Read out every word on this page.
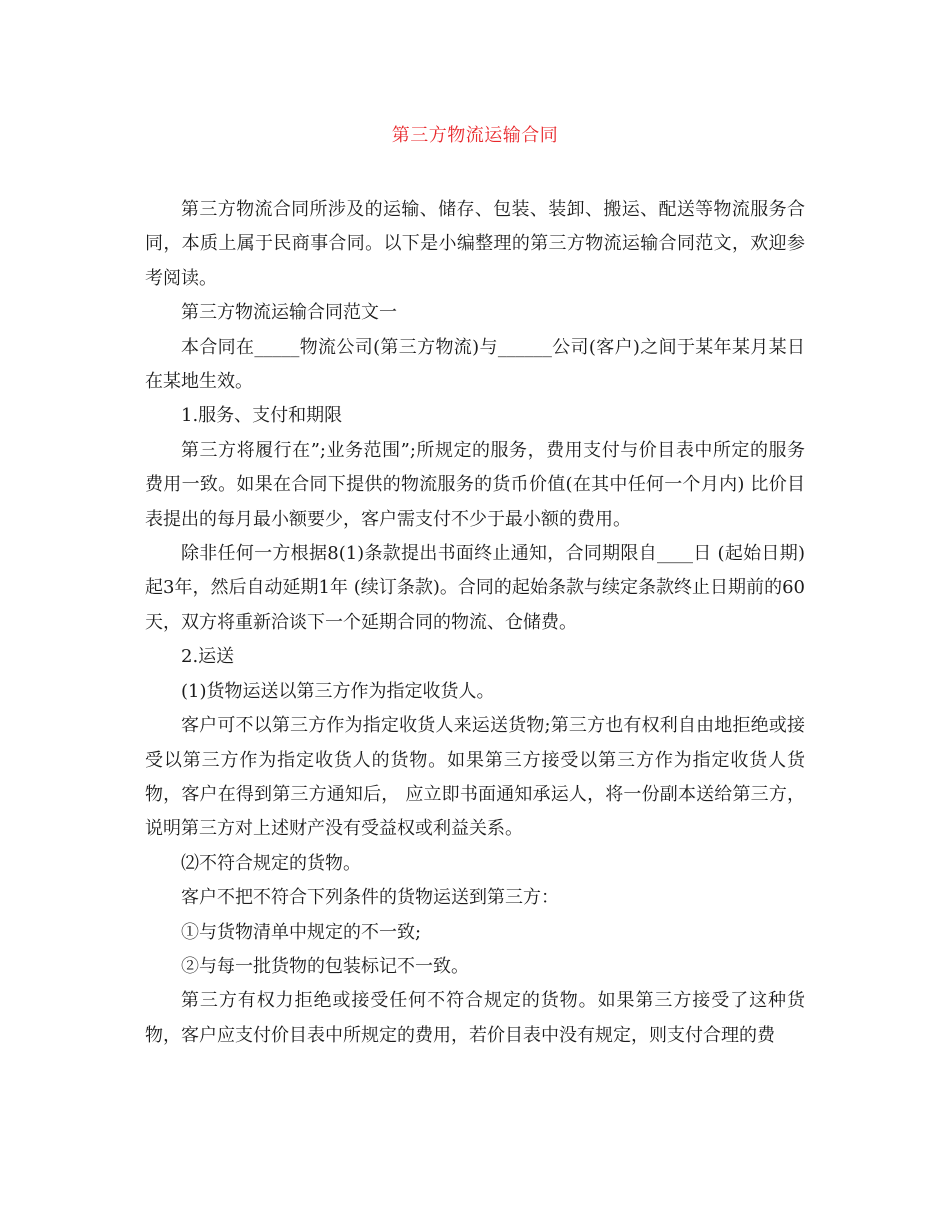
第三方物流运输合同

第三方物流合同所涉及的运输、储存、包装、装卸、搬运、配送等物流服务合同，本质上属于民商事合同。以下是小编整理的第三方物流运输合同范文，欢迎参考阅读。

第三方物流运输合同范文一

本合同在_____物流公司(第三方物流)与______公司(客户)之间于某年某月某日在某地生效。

1.服务、支付和期限

第三方将履行在”;业务范围”;所规定的服务，费用支付与价目表中所定的服务费用一致。如果在合同下提供的物流服务的货币价值(在其中任何一个月内) 比价目表提出的每月最小额要少，客户需支付不少于最小额的费用。

除非任何一方根据8(1)条款提出书面终止通知，合同期限自____日 (起始日期)起3年，然后自动延期1年 (续订条款)。合同的起始条款与续定条款终止日期前的60天，双方将重新洽谈下一个延期合同的物流、仓储费。

2.运送

(1)货物运送以第三方作为指定收货人。

客户可不以第三方作为指定收货人来运送货物;第三方也有权利自由地拒绝或接受以第三方作为指定收货人的货物。如果第三方接受以第三方作为指定收货人货物，客户在得到第三方通知后， 应立即书面通知承运人，将一份副本送给第三方，说明第三方对上述财产没有受益权或利益关系。

⑵不符合规定的货物。

客户不把不符合下列条件的货物运送到第三方：

①与货物清单中规定的不一致;

②与每一批货物的包装标记不一致。

第三方有权力拒绝或接受任何不符合规定的货物。如果第三方接受了这种货物，客户应支付价目表中所规定的费用，若价目表中没有规定，则支付合理的费
